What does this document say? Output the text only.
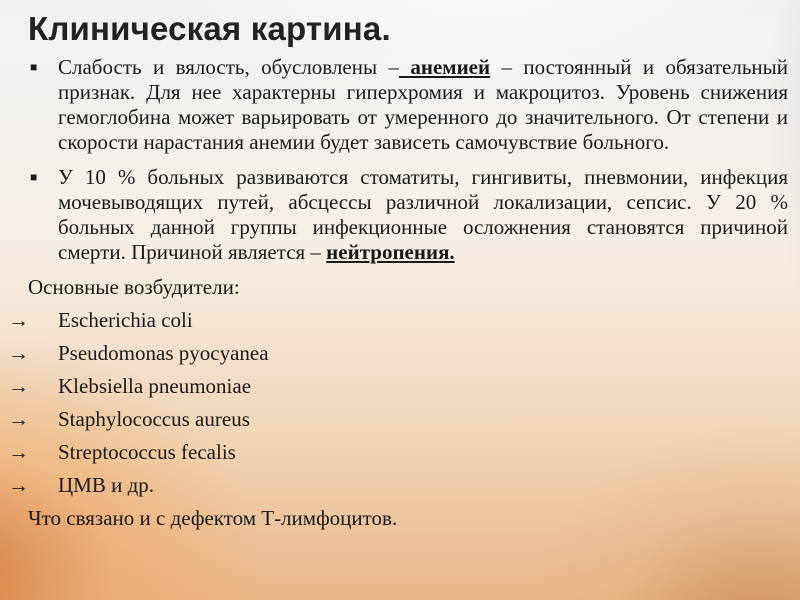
Клиническая картина.
■ Слабость и вялость, обусловлены – анемией – постоянный и обязательный признак. Для нее характерны гиперхромия и макроцитоз. Уровень снижения гемоглобина может варьировать от умеренного до значительного. От степени и скорости нарастания анемии будет зависеть самочувствие больного.
■ У 10 % больных развиваются стоматиты, гингивиты, пневмонии, инфекция мочевыводящих путей, абсцессы различной локализации, сепсис. У 20 % больных данной группы инфекционные осложнения становятся причиной смерти. Причиной является – нейтропения.
Основные возбудители:
→	Escherichia coli
→	Pseudomonas pyocyanea
→	Klebsiella pneumoniae
→	Staphylococcus aureus
→	Streptococcus fecalis
→	ЦМВ и др.
Что связано и с дефектом Т-лимфоцитов.
